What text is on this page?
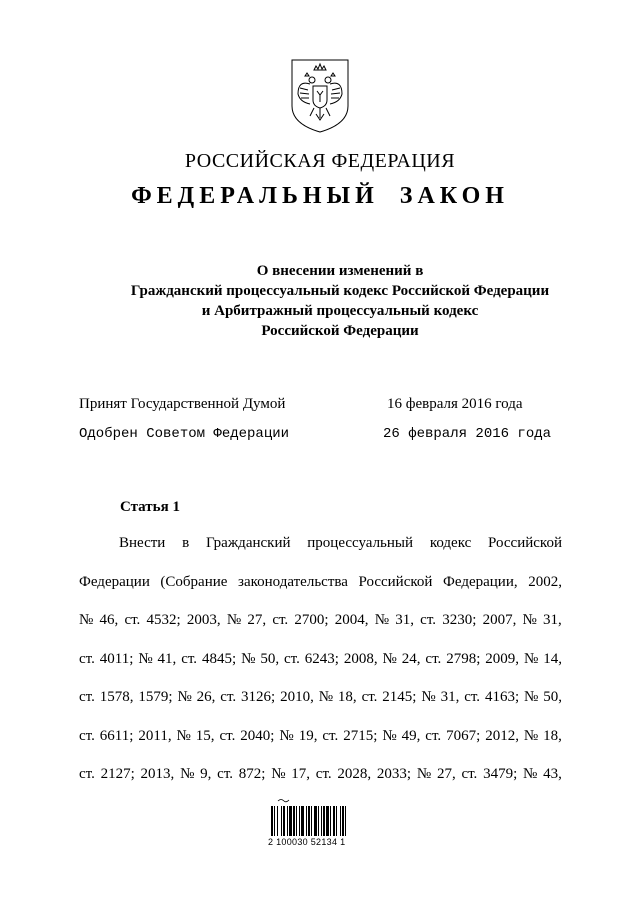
РОССИЙСКАЯ ФЕДЕРАЦИЯ
ФЕДЕРАЛЬНЫЙ ЗАКОН
О внесении изменений в
Гражданский процессуальный кодекс Российской Федерации
и Арбитражный процессуальный кодекс
Российской Федерации
Принят Государственной Думой	16 февраля 2016 года
Одобрен Советом Федерации	26 февраля 2016 года
Статья 1
Внести в Гражданский процессуальный кодекс Российской
Федерации (Собрание законодательства Российской Федерации, 2002,
№ 46, ст. 4532; 2003, № 27, ст. 2700; 2004, № 31, ст. 3230; 2007, № 31,
ст. 4011; № 41, ст. 4845; № 50, ст. 6243; 2008, № 24, ст. 2798; 2009, № 14,
ст. 1578, 1579; № 26, ст. 3126; 2010, № 18, ст. 2145; № 31, ст. 4163; № 50,
ст. 6611; 2011, № 15, ст. 2040; № 19, ст. 2715; № 49, ст. 7067; 2012, № 18,
ст. 2127; 2013, № 9, ст. 872; № 17, ст. 2028, 2033; № 27, ст. 3479; № 43,
2 100030 52134 1
